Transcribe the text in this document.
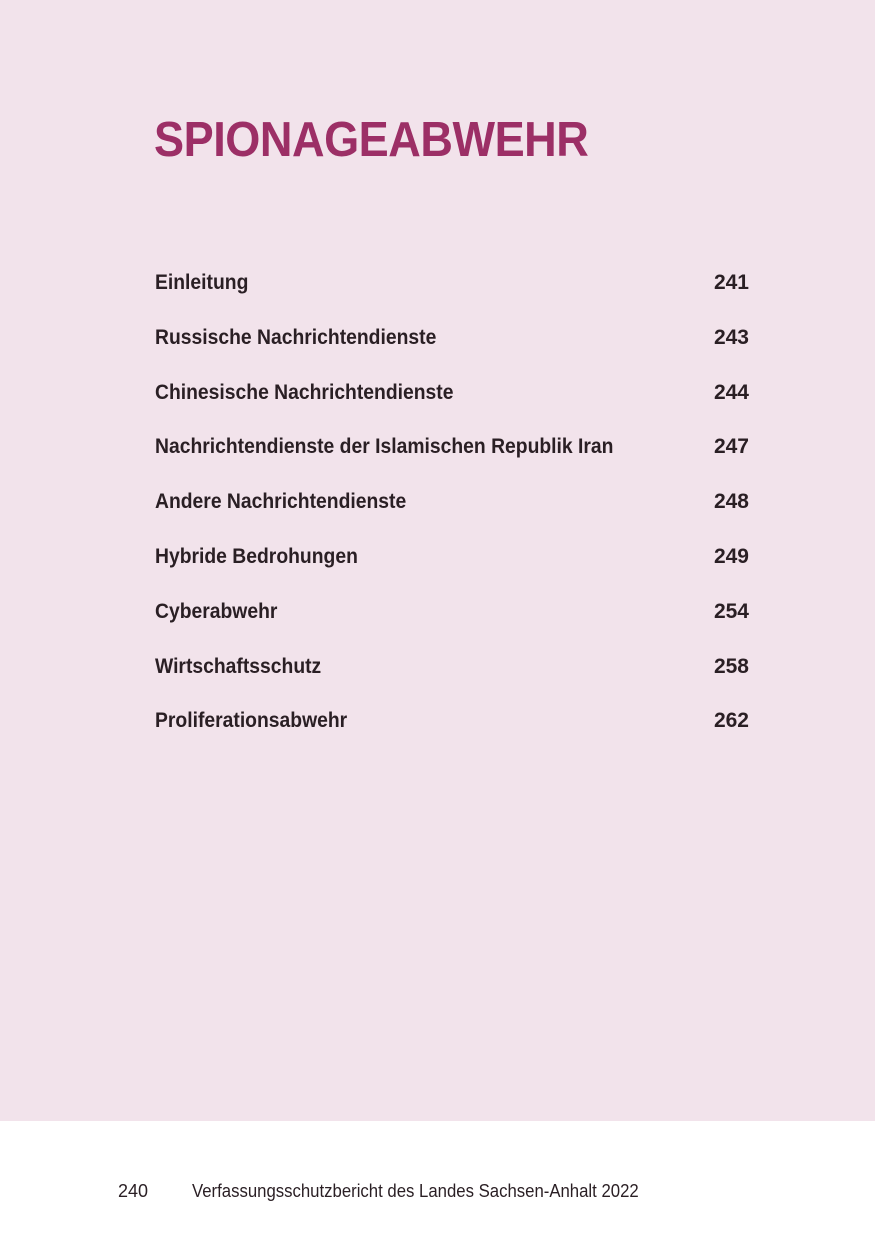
SPIONAGEABWEHR
Einleitung	241
Russische Nachrichtendienste	243
Chinesische Nachrichtendienste	244
Nachrichtendienste der Islamischen Republik Iran	247
Andere Nachrichtendienste	248
Hybride Bedrohungen	249
Cyberabwehr	254
Wirtschaftsschutz	258
Proliferationsabwehr	262
240	Verfassungsschutzbericht des Landes Sachsen-Anhalt 2022
